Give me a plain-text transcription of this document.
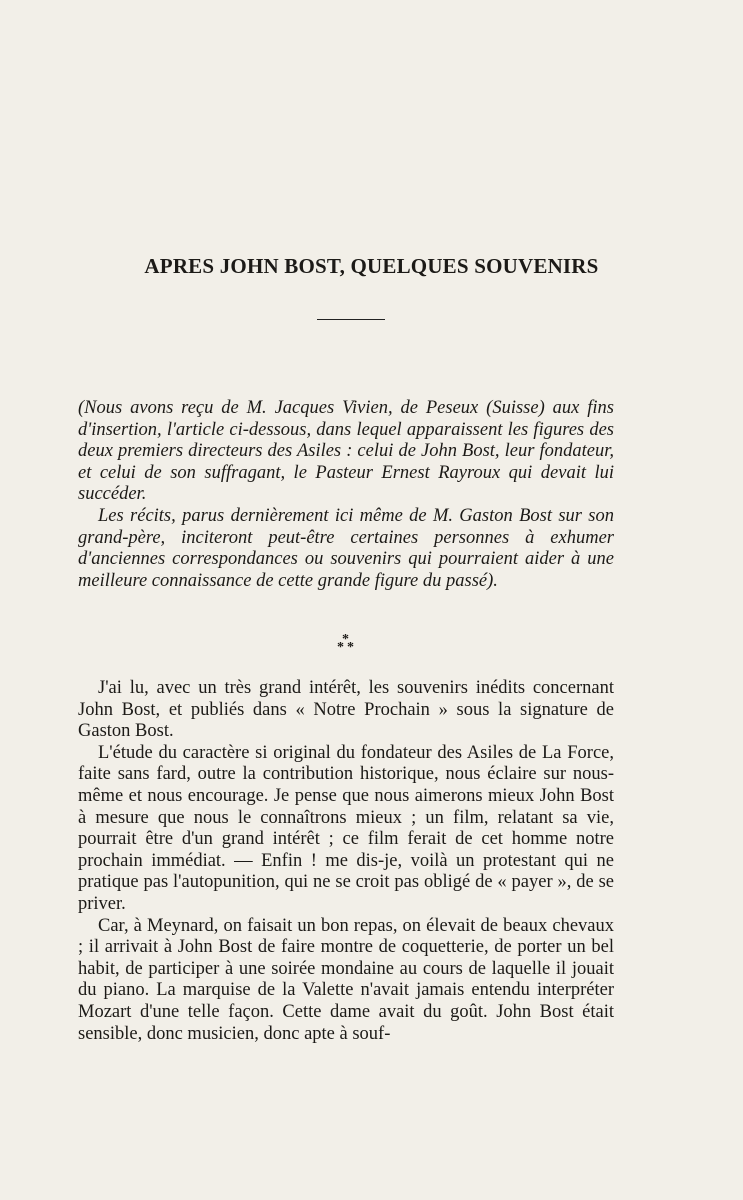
APRES JOHN BOST, QUELQUES SOUVENIRS

(Nous avons reçu de M. Jacques Vivien, de Peseux (Suisse) aux fins d'insertion, l'article ci-dessous, dans lequel apparaissent les figures des deux premiers directeurs des Asiles : celui de John Bost, leur fondateur, et celui de son suffragant, le Pasteur Ernest Rayroux qui devait lui succéder.

Les récits, parus dernièrement ici même de M. Gaston Bost sur son grand-père, inciteront peut-être certaines personnes à exhumer d'anciennes correspondances ou souvenirs qui pourraient aider à une meilleure connaissance de cette grande figure du passé).

*
* *

J'ai lu, avec un très grand intérêt, les souvenirs inédits concernant John Bost, et publiés dans « Notre Prochain » sous la signature de Gaston Bost.

L'étude du caractère si original du fondateur des Asiles de La Force, faite sans fard, outre la contribution historique, nous éclaire sur nous-même et nous encourage. Je pense que nous aimerons mieux John Bost à mesure que nous le connaîtrons mieux ; un film, relatant sa vie, pourrait être d'un grand intérêt ; ce film ferait de cet homme notre prochain immédiat. — Enfin ! me dis-je, voilà un protestant qui ne pratique pas l'autopunition, qui ne se croit pas obligé de « payer », de se priver.

Car, à Meynard, on faisait un bon repas, on élevait de beaux chevaux ; il arrivait à John Bost de faire montre de coquetterie, de porter un bel habit, de participer à une soirée mondaine au cours de laquelle il jouait du piano. La marquise de la Valette n'avait jamais entendu interpréter Mozart d'une telle façon. Cette dame avait du goût. John Bost était sensible, donc musicien, donc apte à souf-
